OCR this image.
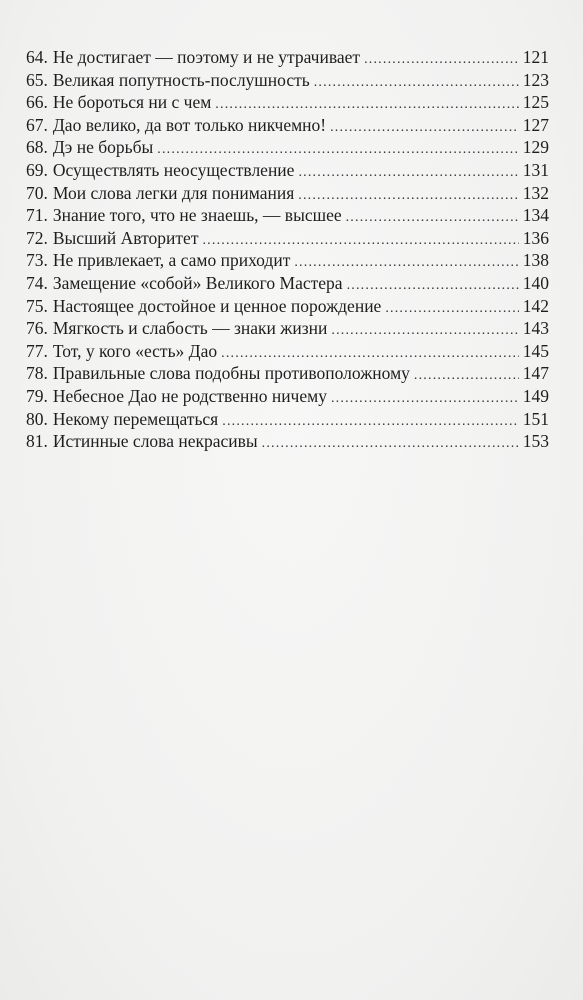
64. Не достигает — поэтому и не утрачивает .....	121
65. Великая попутность-послушность .....	123
66. Не бороться ни с чем .....	125
67. Дао велико, да вот только никчемно! .....	127
68. Дэ не борьбы .....	129
69. Осуществлять неосуществление .....	131
70. Мои слова легки для понимания .....	132
71. Знание того, что не знаешь, — высшее .....	134
72. Высший Авторитет .....	136
73. Не привлекает, а само приходит .....	138
74. Замещение «собой» Великого Мастера .....	140
75. Настоящее достойное и ценное порождение .....	142
76. Мягкость и слабость — знаки жизни .....	143
77. Тот, у кого «есть» Дао .....	145
78. Правильные слова подобны противоположному .....	147
79. Небесное Дао не родственно ничему .....	149
80. Некому перемещаться .....	151
81. Истинные слова некрасивы .....	153
